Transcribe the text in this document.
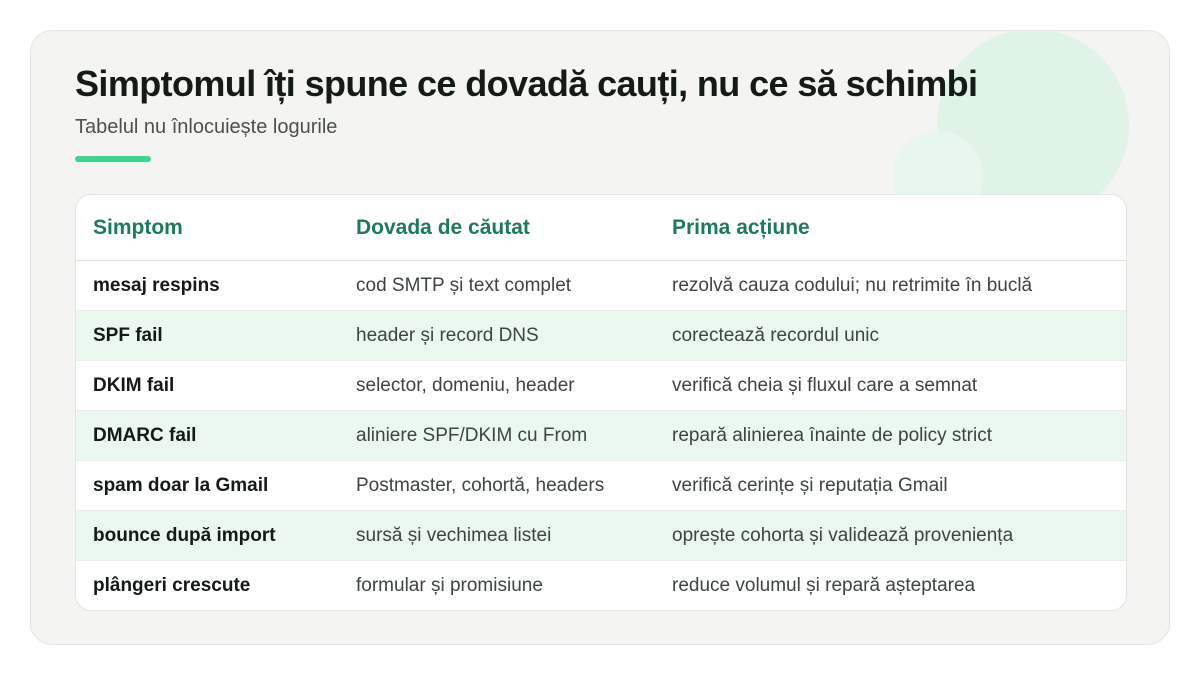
Simptomul îți spune ce dovadă cauți, nu ce să schimbi
Tabelul nu înlocuiește logurile
Simptom	Dovada de căutat	Prima acțiune
mesaj respins	cod SMTP și text complet	rezolvă cauza codului; nu retrimite în buclă
SPF fail	header și record DNS	corectează recordul unic
DKIM fail	selector, domeniu, header	verifică cheia și fluxul care a semnat
DMARC fail	aliniere SPF/DKIM cu From	repară alinierea înainte de policy strict
spam doar la Gmail	Postmaster, cohortă, headers	verifică cerințe și reputația Gmail
bounce după import	sursă și vechimea listei	oprește cohorta și validează proveniența
plângeri crescute	formular și promisiune	reduce volumul și repară așteptarea
